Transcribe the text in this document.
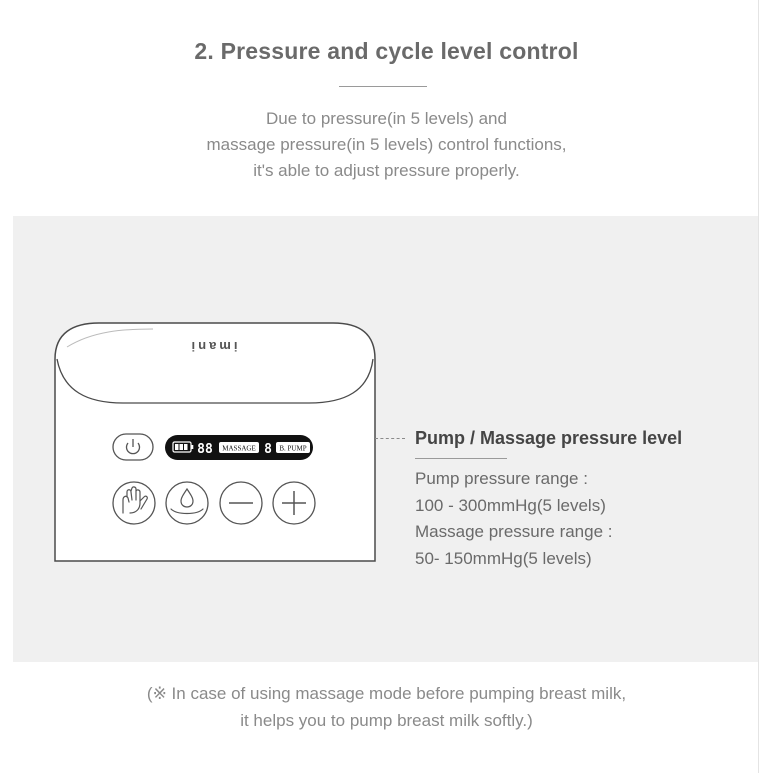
2. Pressure and cycle level control
Due to pressure(in 5 levels) and
massage pressure(in 5 levels) control functions,
it's able to adjust pressure properly.
imani
88 MASSAGE 8 B. PUMP
Pump / Massage pressure level
Pump pressure range :
100 - 300mmHg(5 levels)
Massage pressure range :
50- 150mmHg(5 levels)
(※ In case of using massage mode before pumping breast milk,
it helps you to pump breast milk softly.)
